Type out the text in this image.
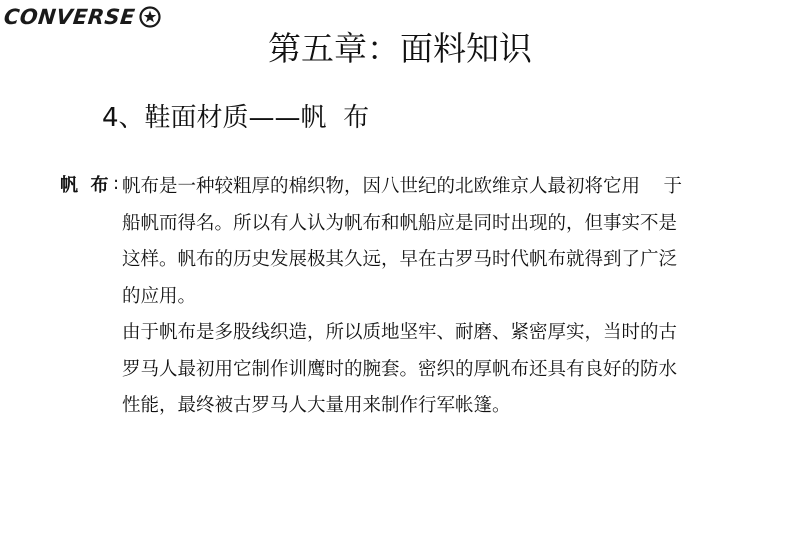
CONVERSE
第五章：面料知识
4、鞋面材质——帆  布
帆  布 : 帆布是一种较粗厚的棉织物，因八世纪的北欧维京人最初将它用    于
船帆而得名。所以有人认为帆布和帆船应是同时出现的，但事实不是
这样。帆布的历史发展极其久远，早在古罗马时代帆布就得到了广泛
的应用。
由于帆布是多股线织造，所以质地坚牢、耐磨、紧密厚实，当时的古
罗马人最初用它制作训鹰时的腕套。密织的厚帆布还具有良好的防水
性能，最终被古罗马人大量用来制作行军帐篷。
